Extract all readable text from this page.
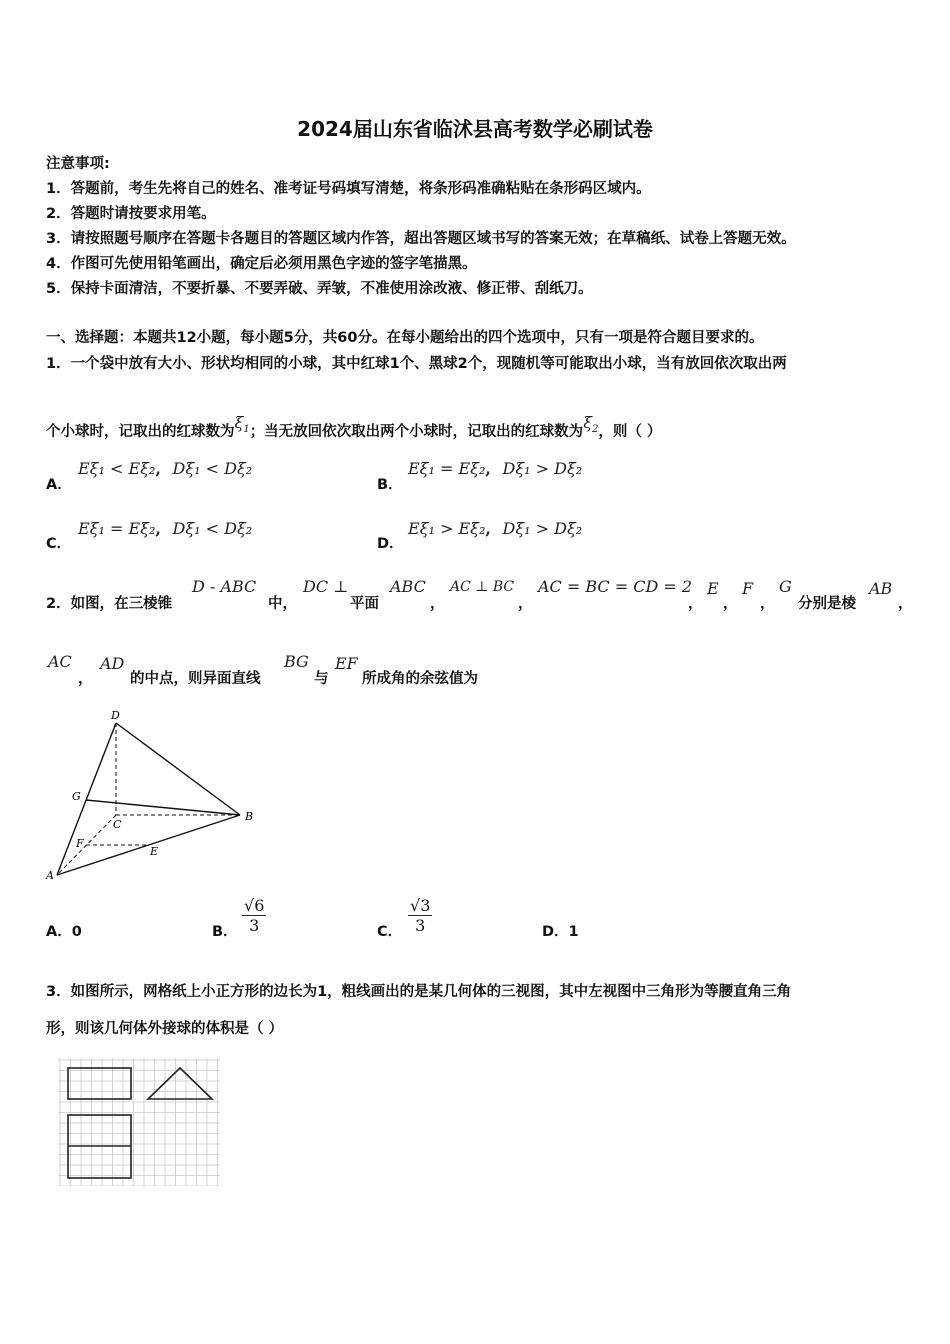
2024届山东省临沭县高考数学必刷试卷
注意事项:
1．答题前，考生先将自己的姓名、准考证号码填写清楚，将条形码准确粘贴在条形码区域内。
2．答题时请按要求用笔。
3．请按照题号顺序在答题卡各题目的答题区域内作答，超出答题区域书写的答案无效；在草稿纸、试卷上答题无效。
4．作图可先使用铅笔画出，确定后必须用黑色字迹的签字笔描黑。
5．保持卡面清洁，不要折暴、不要弄破、弄皱，不准使用涂改液、修正带、刮纸刀。
一、选择题：本题共12小题，每小题5分，共60分。在每小题给出的四个选项中，只有一项是符合题目要求的。
1．一个袋中放有大小、形状均相同的小球，其中红球1个、黑球2个，现随机等可能取出小球，当有放回依次取出两
个小球时，记取出的红球数为$\xi_1$；当无放回依次取出两个小球时，记取出的红球数为$\xi_2$，则（ ）
A．
Eξ₁ < Eξ₂, Dξ₁ < Dξ₂
B．
Eξ₁ = Eξ₂, Dξ₁ > Dξ₂
C．
Eξ₁ = Eξ₂, Dξ₁ < Dξ₂
D．
Eξ₁ > Eξ₂, Dξ₁ > Dξ₂
2．如图，在三棱锥
D - ABC
中，
DC ⊥
平面
ABC
，
AC ⊥ BC
，
AC = BC = CD = 2
，
E
，
F
，
G
分别是棱
AB
，
AC
，
AD
的中点，则异面直线
BG
与
EF
所成角的余弦值为
D
G
C
B
F
E
A
A．0	B． $\frac{√6}{3}$	C． $\frac{√3}{3}$	D．1
3．如图所示，网格纸上小正方形的边长为1，粗线画出的是某几何体的三视图，其中左视图中三角形为等腰直角三角
形，则该几何体外接球的体积是（ ）
